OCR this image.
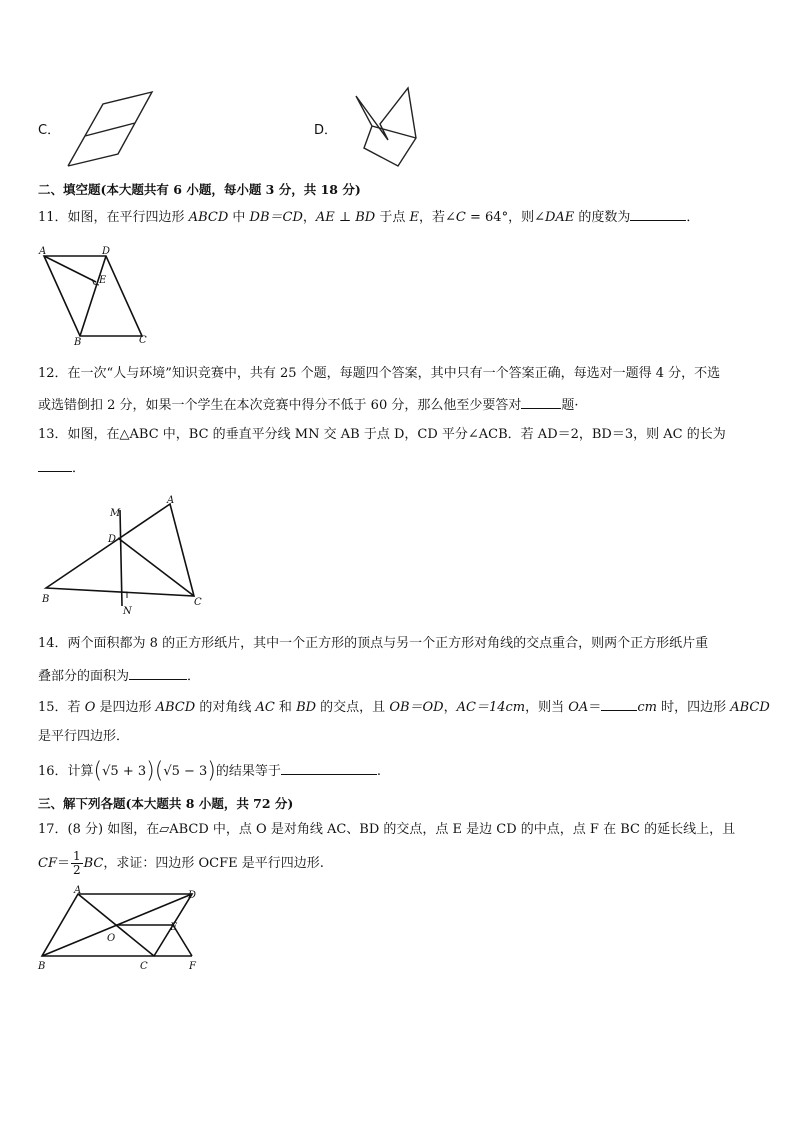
C．	D．
二、填空题(本大题共有 6 小题，每小题 3 分，共 18 分)
11．如图，在平行四边形 ABCD 中 DB＝CD，AE ⊥ BD 于点 E，若∠C = 64°，则∠DAE 的度数为	．
A	D
E
B	C
12．在一次“人与环境”知识竞赛中，共有 25 个题，每题四个答案，其中只有一个答案正确，每选对一题得 4 分，不选
或选错倒扣 2 分，如果一个学生在本次竞赛中得分不低于 60 分，那么他至少要答对	题·
13．如图，在△ABC 中，BC 的垂直平分线 MN 交 AB 于点 D，CD 平分∠ACB．若 AD＝2，BD＝3，则 AC 的长为
．
M
A
D
B
N
C
14．两个面积都为 8 的正方形纸片，其中一个正方形的顶点与另一个正方形对角线的交点重合，则两个正方形纸片重
叠部分的面积为	．
15．若 O 是四边形 ABCD 的对角线 AC 和 BD 的交点，且 OB＝OD，AC＝14cm，则当 OA＝	cm 时，四边形 ABCD
是平行四边形．
16．计算(√5 + 3)(√5 − 3)的结果等于	.
三、解下列各题(本大题共 8 小题，共 72 分)
17．(8 分) 如图，在▱ABCD 中，点 O 是对角线 AC、BD 的交点，点 E 是边 CD 的中点，点 F 在 BC 的延长线上，且
$CF= \frac{1}{2}$ BC，求证：四边形 OCFE 是平行四边形.
A	D
E
O
B	C	F
